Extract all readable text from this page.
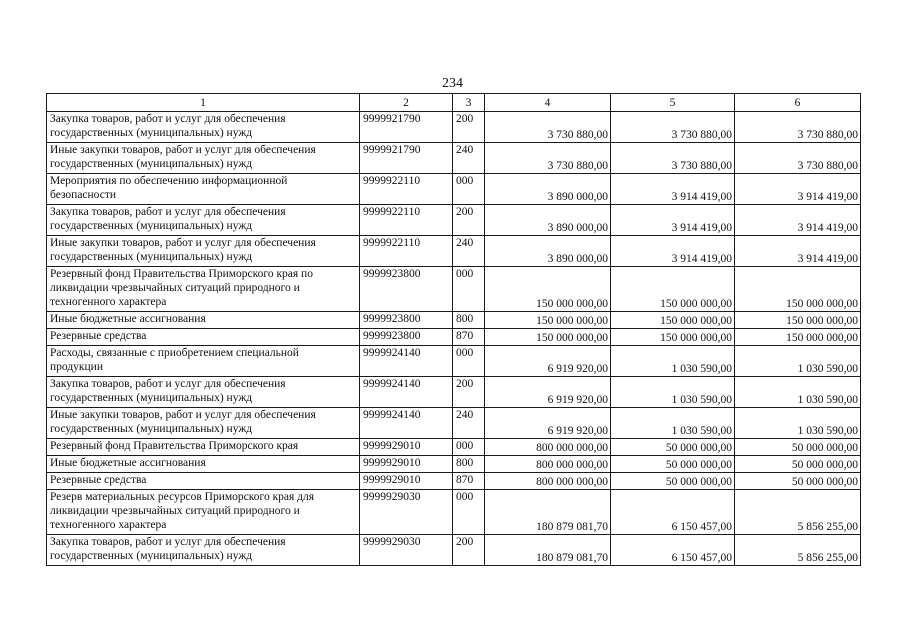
234
1	2	3	4	5	6
Закупка товаров, работ и услуг для обеспечения
государственных (муниципальных) нужд	9999921790	200	3 730 880,00	3 730 880,00	3 730 880,00
Иные закупки товаров, работ и услуг для обеспечения
государственных (муниципальных) нужд	9999921790	240	3 730 880,00	3 730 880,00	3 730 880,00
Мероприятия по обеспечению информационной
безопасности	9999922110	000	3 890 000,00	3 914 419,00	3 914 419,00
Закупка товаров, работ и услуг для обеспечения
государственных (муниципальных) нужд	9999922110	200	3 890 000,00	3 914 419,00	3 914 419,00
Иные закупки товаров, работ и услуг для обеспечения
государственных (муниципальных) нужд	9999922110	240	3 890 000,00	3 914 419,00	3 914 419,00
Резервный фонд Правительства Приморского края по
ликвидации чрезвычайных ситуаций природного и
техногенного характера	9999923800	000	150 000 000,00	150 000 000,00	150 000 000,00
Иные бюджетные ассигнования	9999923800	800	150 000 000,00	150 000 000,00	150 000 000,00
Резервные средства	9999923800	870	150 000 000,00	150 000 000,00	150 000 000,00
Расходы, связанные с приобретением специальной
продукции	9999924140	000	6 919 920,00	1 030 590,00	1 030 590,00
Закупка товаров, работ и услуг для обеспечения
государственных (муниципальных) нужд	9999924140	200	6 919 920,00	1 030 590,00	1 030 590,00
Иные закупки товаров, работ и услуг для обеспечения
государственных (муниципальных) нужд	9999924140	240	6 919 920,00	1 030 590,00	1 030 590,00
Резервный фонд Правительства Приморского края	9999929010	000	800 000 000,00	50 000 000,00	50 000 000,00
Иные бюджетные ассигнования	9999929010	800	800 000 000,00	50 000 000,00	50 000 000,00
Резервные средства	9999929010	870	800 000 000,00	50 000 000,00	50 000 000,00
Резерв материальных ресурсов Приморского края для
ликвидации чрезвычайных ситуаций природного и
техногенного характера	9999929030	000	180 879 081,70	6 150 457,00	5 856 255,00
Закупка товаров, работ и услуг для обеспечения
государственных (муниципальных) нужд	9999929030	200	180 879 081,70	6 150 457,00	5 856 255,00
